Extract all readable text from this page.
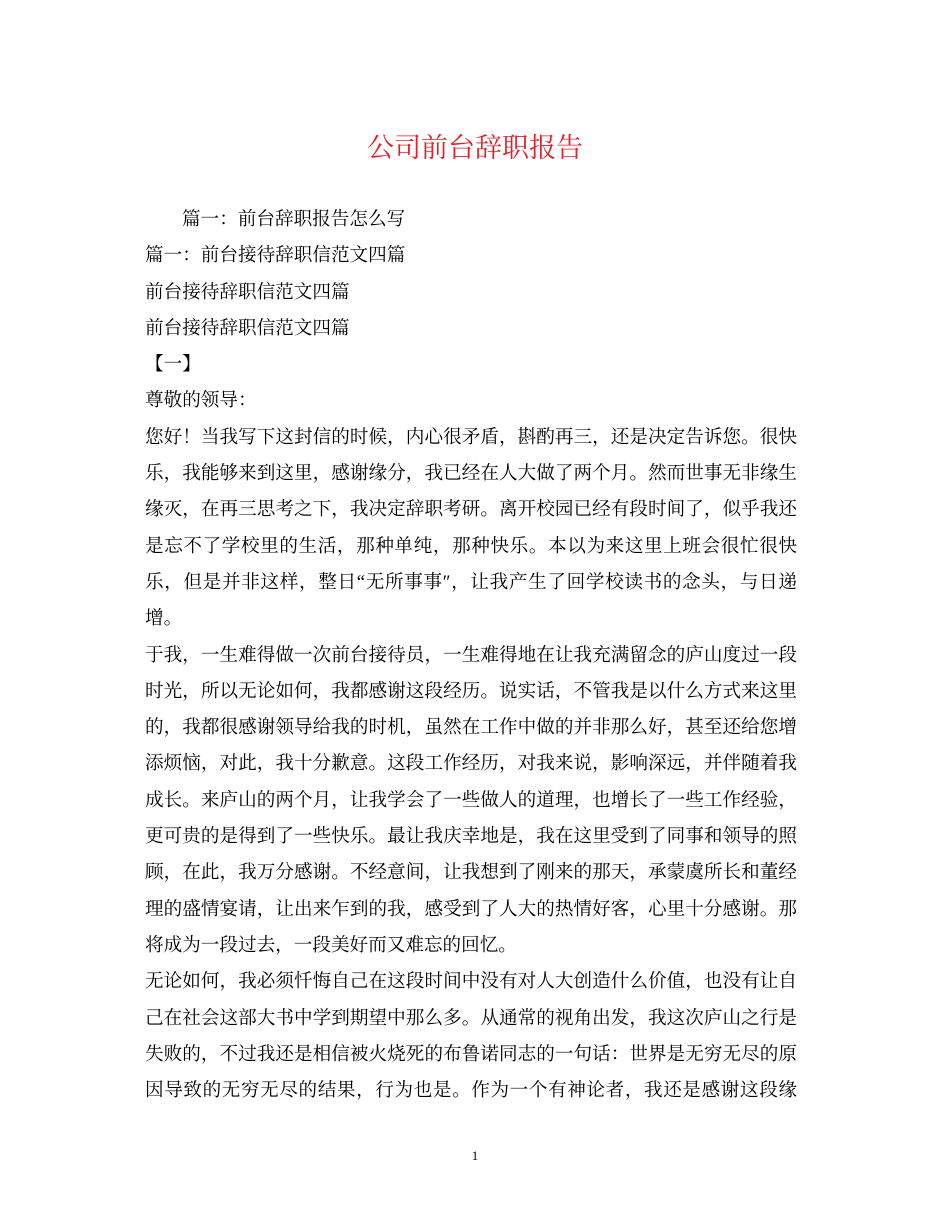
公司前台辞职报告
篇一：前台辞职报告怎么写
篇一：前台接待辞职信范文四篇
前台接待辞职信范文四篇
前台接待辞职信范文四篇
【一】
尊敬的领导：
您好！当我写下这封信的时候，内心很矛盾，斟酌再三，还是决定告诉您。很快
乐，我能够来到这里，感谢缘分，我已经在人大做了两个月。然而世事无非缘生
缘灭，在再三思考之下，我决定辞职考研。离开校园已经有段时间了，似乎我还
是忘不了学校里的生活，那种单纯，那种快乐。本以为来这里上班会很忙很快
乐，但是并非这样，整日“无所事事″，让我产生了回学校读书的念头，与日递
增。
于我，一生难得做一次前台接待员，一生难得地在让我充满留念的庐山度过一段
时光，所以无论如何，我都感谢这段经历。说实话，不管我是以什么方式来这里
的，我都很感谢领导给我的时机，虽然在工作中做的并非那么好，甚至还给您增
添烦恼，对此，我十分歉意。这段工作经历，对我来说，影响深远，并伴随着我
成长。来庐山的两个月，让我学会了一些做人的道理，也增长了一些工作经验，
更可贵的是得到了一些快乐。最让我庆幸地是，我在这里受到了同事和领导的照
顾，在此，我万分感谢。不经意间，让我想到了刚来的那天，承蒙虞所长和董经
理的盛情宴请，让出来乍到的我，感受到了人大的热情好客，心里十分感谢。那
将成为一段过去，一段美好而又难忘的回忆。
无论如何，我必须忏悔自己在这段时间中没有对人大创造什么价值，也没有让自
己在社会这部大书中学到期望中那么多。从通常的视角出发，我这次庐山之行是
失败的，不过我还是相信被火烧死的布鲁诺同志的一句话：世界是无穷无尽的原
因导致的无穷无尽的结果，行为也是。作为一个有神论者，我还是感谢这段缘
1
